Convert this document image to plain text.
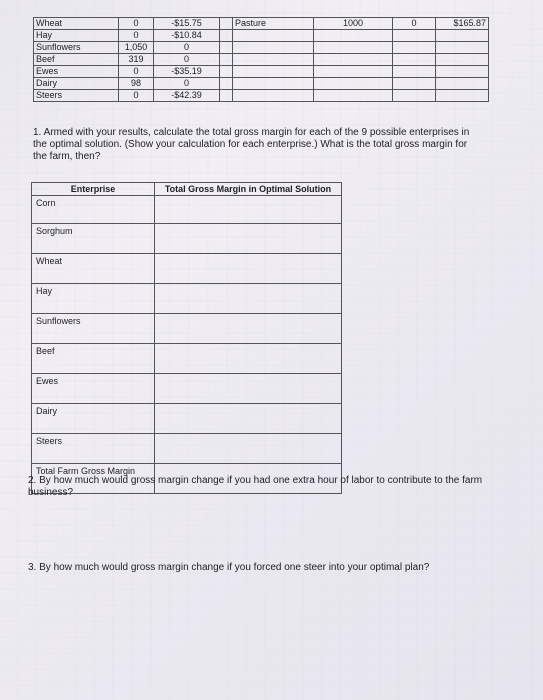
Wheat	0	-$15.75		Pasture	1000	0	$165.87
Hay	0	-$10.84					
Sunflowers	1,050	0					
Beef	319	0					
Ewes	0	-$35.19					
Dairy	98	0					
Steers	0	-$42.39					
1. Armed with your results, calculate the total gross margin for each of the 9 possible enterprises in the optimal solution. (Show your calculation for each enterprise.) What is the total gross margin for the farm, then?
Enterprise	Total Gross Margin in Optimal Solution
Corn	
Sorghum	
Wheat	
Hay	
Sunflowers	
Beef	
Ewes	
Dairy	
Steers	
Total Farm Gross Margin	
2. By how much would gross margin change if you had one extra hour of labor to contribute to the farm business?
3. By how much would gross margin change if you forced one steer into your optimal plan?
